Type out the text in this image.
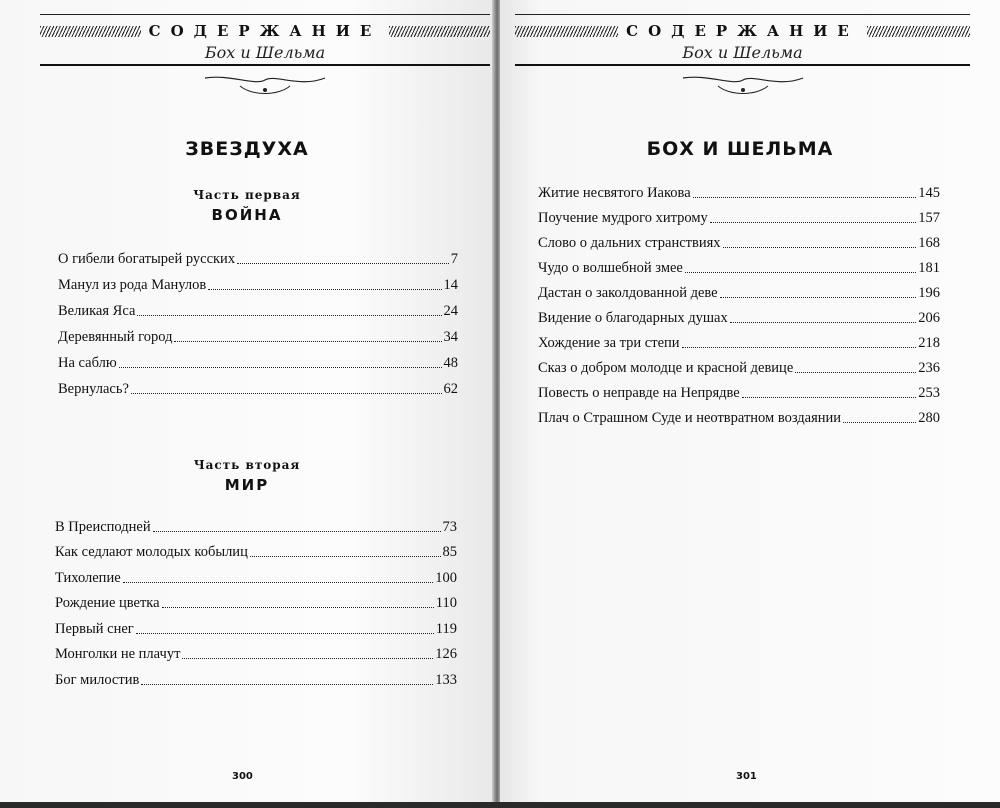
СОДЕРЖАНИЕ
Бох и Шельма
ЗВЕЗДУХА
Часть первая
ВОЙНА
О гибели богатырей русских	7
Манул из рода Манулов	14
Великая Яса	24
Деревянный город	34
На саблю	48
Вернулась?	62
Часть вторая
МИР
В Преисподней	73
Как седлают молодых кобылиц	85
Тихолепие	100
Рождение цветка	110
Первый снег	119
Монголки не плачут	126
Бог милостив	133
300
СОДЕРЖАНИЕ
Бох и Шельма
БОХ И ШЕЛЬМА
Житие несвятого Иакова	145
Поучение мудрого хитрому	157
Слово о дальних странствиях	168
Чудо о волшебной змее	181
Дастан о заколдованной деве	196
Видение о благодарных душах	206
Хождение за три степи	218
Сказ о добром молодце и красной девице	236
Повесть о неправде на Непрядве	253
Плач о Страшном Суде и неотвратном воздаянии	280
301
